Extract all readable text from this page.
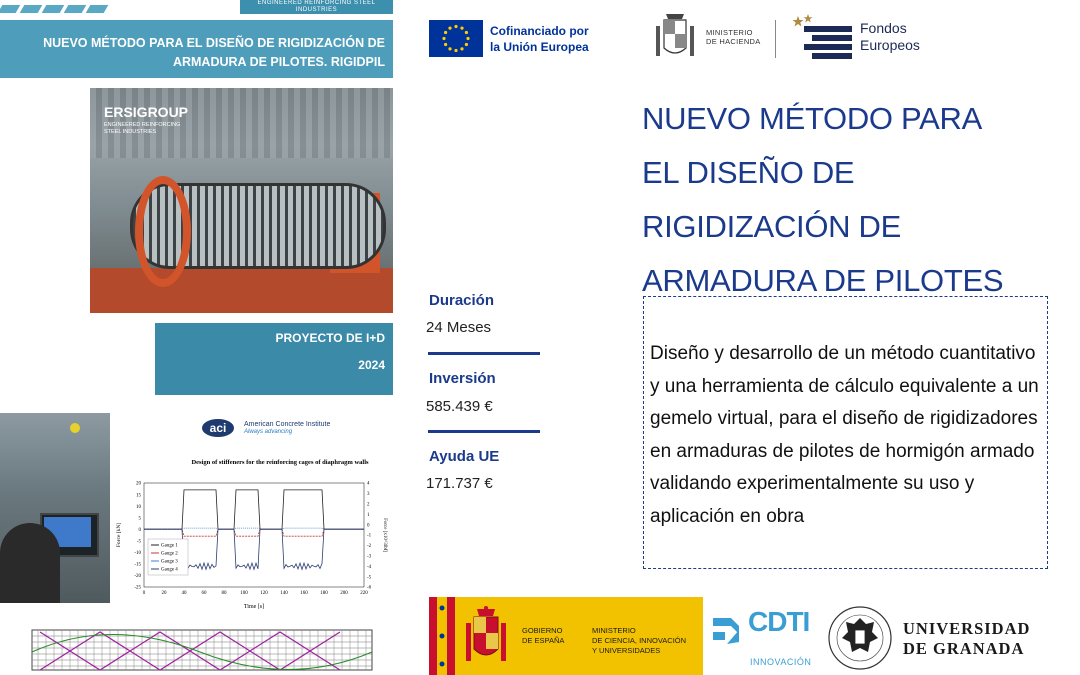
ENGINEERED REINFORCING STEEL INDUSTRIES
NUEVO MÉTODO PARA EL DISEÑO DE RIGIDIZACIÓN DE ARMADURA DE PILOTES. RIGIDPIL
ERSIGROUP
ENGINEERED REINFORCING STEEL INDUSTRIES
PROYECTO DE I+D
2024
aci	American Concrete Institute
Always advancing
Design of stiffeners for the reinforcing cages of diaphragm walls
0	20	40	60	80	100	120	140	160	180	200	220
20
15
10
5
0
-5
-10
-15
-20
-25
4
3
2
1
0
-1
-2
-3
-4
-5
-6
Gauge 1
Gauge 2
Gauge 3
Gauge 4
Time [s]
Force [kN]	Force [x10^3lbf]
Cofinanciado por
la Unión Europea
MINISTERIO
DE HACIENDA
Fondos
Europeos
NUEVO MÉTODO PARA
EL DISEÑO DE
RIGIDIZACIÓN DE
ARMADURA DE PILOTES
Duración
24 Meses
Inversión
585.439 €
Ayuda UE
171.737 €
Diseño y desarrollo de un método cuantitativo y una herramienta de cálculo equivalente a un gemelo virtual, para el diseño de rigidizadores en armaduras de pilotes de hormigón armado validando experimentalmente su uso y aplicación en obra
GOBIERNO
DE ESPAÑA
MINISTERIO
DE CIENCIA, INNOVACIÓN
Y UNIVERSIDADES
CDTI
INNOVACIÓN
UNIVERSIDAD
DE GRANADA
